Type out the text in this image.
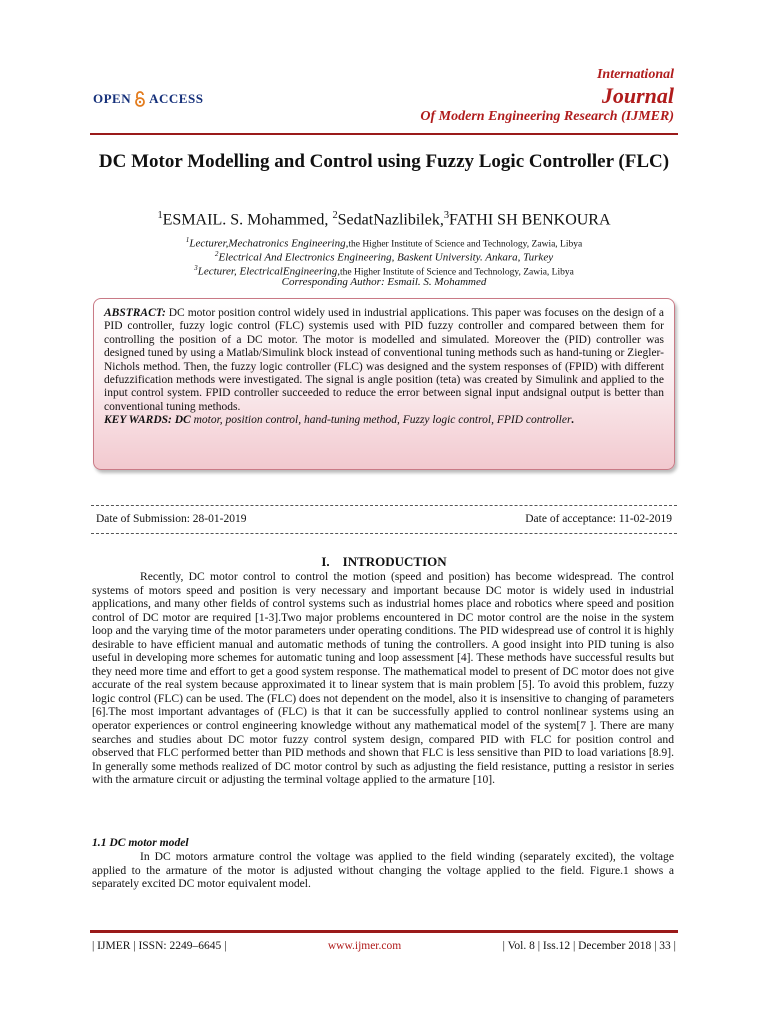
OPEN ACCESS
International
Journal
Of Modern Engineering Research (IJMER)
DC Motor Modelling and Control using Fuzzy Logic Controller (FLC)
$^1$ESMAIL. S. Mohammed, $^2$SedatNazlibilek,$^3$FATHI SH BENKOURA
$^1$Lecturer,Mechatronics Engineering,the Higher Institute of Science and Technology, Zawia, Libya
$^2$Electrical And Electronics Engineering, Baskent University. Ankara, Turkey
$^3$Lecturer, ElectricalEngineering,the Higher Institute of Science and Technology, Zawia, Libya
Corresponding Author: Esmail. S. Mohammed
ABSTRACT: DC motor position control widely used in industrial applications. This paper was focuses on the design of a PID controller, fuzzy logic control (FLC) systemis used with PID fuzzy controller and compared between them for controlling the position of a DC motor. The motor is modelled and simulated. Moreover the (PID) controller was designed tuned by using a Matlab/Simulink block instead of conventional tuning methods such as hand-tuning or Ziegler-Nichols method. Then, the fuzzy logic controller (FLC) was designed and the system responses of (FPID) with different defuzzification methods were investigated. The signal is angle position (teta) was created by Simulink and applied to the input control system. FPID controller succeeded to reduce the error between signal input andsignal output is better than conventional tuning methods.
KEY WARDS: DC motor, position control, hand-tuning method, Fuzzy logic control, FPID controller.
Date of Submission: 28-01-2019	Date of acceptance: 11-02-2019
I.    INTRODUCTION
Recently, DC motor control to control the motion (speed and position) has become widespread. The control systems of motors speed and position is very necessary and important because DC motor is widely used in industrial applications, and many other fields of control systems such as industrial homes place and robotics where speed and position control of DC motor are required [1-3].Two major problems encountered in DC motor control are the noise in the system loop and the varying time of the motor parameters under operating conditions. The PID widespread use of control it is highly desirable to have efficient manual and automatic methods of tuning the controllers. A good insight into PID tuning is also useful in developing more schemes for automatic tuning and loop assessment [4]. These methods have successful results but they need more time and effort to get a good system response. The mathematical model to present of DC motor does not give accurate of the real system because approximated it to linear system that is main problem [5]. To avoid this problem, fuzzy logic control (FLC) can be used. The (FLC) does not dependent on the model, also it is insensitive to changing of parameters [6].The most important advantages of (FLC) is that it can be successfully applied to control nonlinear systems using an operator experiences or control engineering knowledge without any mathematical model of the system[7 ]. There are many searches and studies about DC motor fuzzy control system design, compared PID with FLC for position control and observed that FLC performed better than PID methods and shown that FLC is less sensitive than PID to load variations [8.9]. In generally some methods realized of DC motor control by such as adjusting the field resistance, putting a resistor in series with the armature circuit or adjusting the terminal voltage applied to the armature [10].
1.1 DC motor model
In DC motors armature control the voltage was applied to the field winding (separately excited), the voltage applied to the armature of the motor is adjusted without changing the voltage applied to the field. Figure.1 shows a separately excited DC motor equivalent model.
| IJMER | ISSN: 2249–6645 |	www.ijmer.com	| Vol. 8 | Iss.12 | December 2018 | 33 |
